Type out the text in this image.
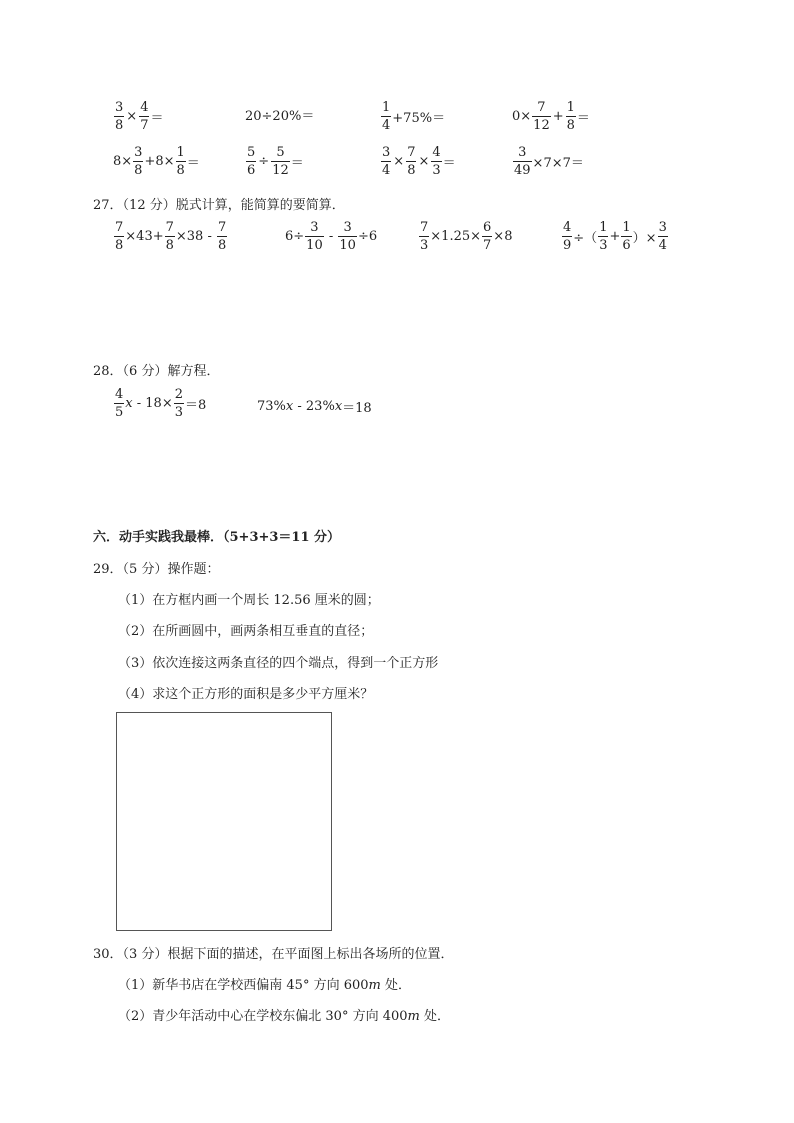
$\frac{3}{8} \times \frac{4}{7}$ ＝	20÷20%＝	$\frac{1}{4} +75\%=$	$0\times \frac{7}{12} + \frac{1}{8}$ ＝
$8\times \frac{3}{8} +8\times \frac{1}{8}$ ＝	$\frac{5}{6} \div \frac{5}{12}$ ＝	$\frac{3}{4} \times \frac{7}{8} \times \frac{4}{3}$ ＝	$\frac{3}{49} \times 7\times 7=$
27．（12 分）脱式计算，能简算的要简算．
$\frac{7}{8} \times 43+ \frac{7}{8} \times 38 - \frac{7}{8}$	$6\div \frac{3}{10} - \frac{3}{10} \div 6$	$\frac{7}{3} \times 1.25\times \frac{6}{7} \times 8$	$\frac{4}{9}$ ÷（ $\frac{1}{3} + \frac{1}{6}$ ）× $\frac{3}{4}$
28．（6 分）解方程．
$\frac{4}{5}$ $x - 18\times \frac{2}{3} =8$	73% x - 23% x ＝18
六．动手实践我最棒．（5+3+3＝11 分）
29．（5 分）操作题：
（1）在方框内画一个周长 12.56 厘米的圆；
（2）在所画圆中，画两条相互垂直的直径；
（3）依次连接这两条直径的四个端点，得到一个正方形
（4）求这个正方形的面积是多少平方厘米？
30．（3 分）根据下面的描述，在平面图上标出各场所的位置．
（1）新华书店在学校西偏南 45° 方向 600m 处．
（2）青少年活动中心在学校东偏北 30° 方向 400m 处．
